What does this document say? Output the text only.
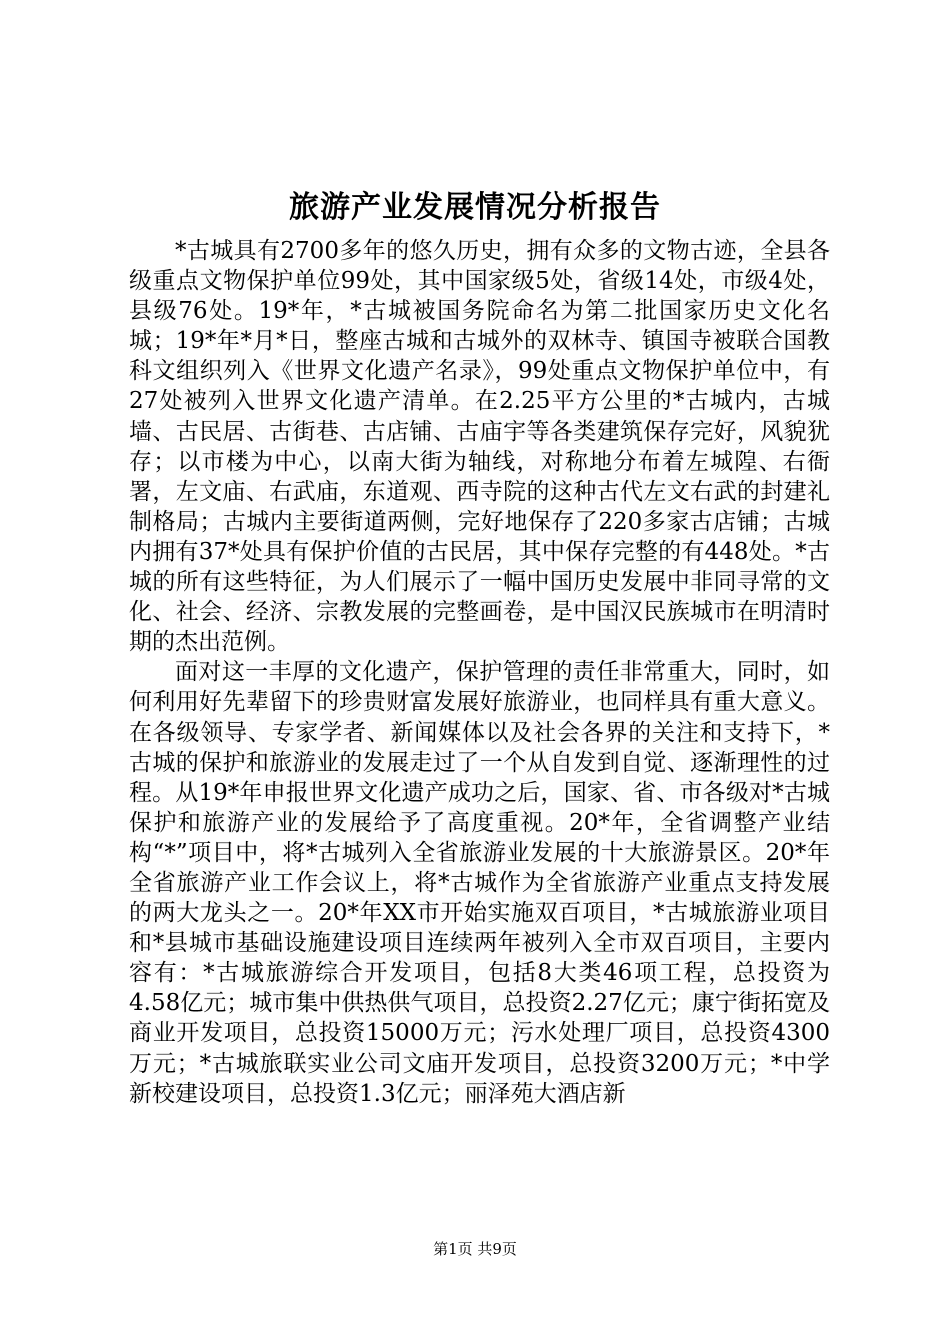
旅游产业发展情况分析报告

*古城具有2700多年的悠久历史，拥有众多的文物古迹，全县各级重点文物保护单位99处，其中国家级5处，省级14处，市级4处，县级76处。19*年，*古城被国务院命名为第二批国家历史文化名城；19*年*月*日，整座古城和古城外的双林寺、镇国寺被联合国教科文组织列入《世界文化遗产名录》，99处重点文物保护单位中，有27处被列入世界文化遗产清单。在2.25平方公里的*古城内，古城墙、古民居、古街巷、古店铺、古庙宇等各类建筑保存完好，风貌犹存；以市楼为中心，以南大街为轴线，对称地分布着左城隍、右衙署，左文庙、右武庙，东道观、西寺院的这种古代左文右武的封建礼制格局；古城内主要街道两侧，完好地保存了220多家古店铺；古城内拥有37*处具有保护价值的古民居，其中保存完整的有448处。*古城的所有这些特征，为人们展示了一幅中国历史发展中非同寻常的文化、社会、经济、宗教发展的完整画卷，是中国汉民族城市在明清时期的杰出范例。

面对这一丰厚的文化遗产，保护管理的责任非常重大，同时，如何利用好先辈留下的珍贵财富发展好旅游业，也同样具有重大意义。在各级领导、专家学者、新闻媒体以及社会各界的关注和支持下，*古城的保护和旅游业的发展走过了一个从自发到自觉、逐渐理性的过程。从19*年申报世界文化遗产成功之后，国家、省、市各级对*古城保护和旅游产业的发展给予了高度重视。20*年，全省调整产业结构“*”项目中，将*古城列入全省旅游业发展的十大旅游景区。20*年全省旅游产业工作会议上，将*古城作为全省旅游产业重点支持发展的两大龙头之一。20*年XX市开始实施双百项目，*古城旅游业项目和*县城市基础设施建设项目连续两年被列入全市双百项目，主要内容有：*古城旅游综合开发项目，包括8大类46项工程，总投资为4.58亿元；城市集中供热供气项目，总投资2.27亿元；康宁街拓宽及商业开发项目，总投资15000万元；污水处理厂项目，总投资4300万元；*古城旅联实业公司文庙开发项目，总投资3200万元；*中学新校建设项目，总投资1.3亿元；丽泽苑大酒店新

第1页 共9页
